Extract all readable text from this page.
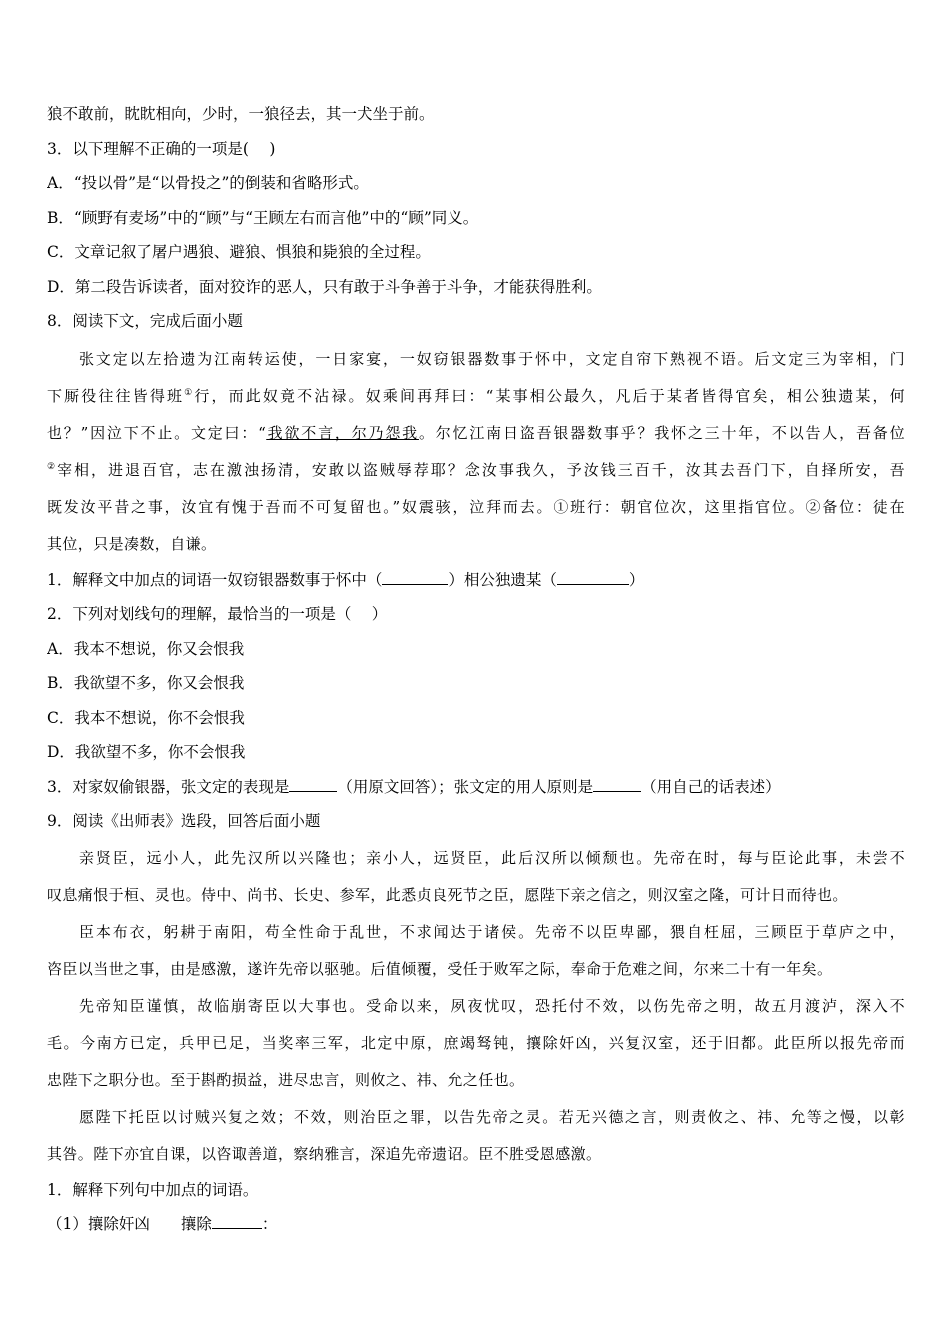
狼不敢前，眈眈相向，少时，一狼径去，其一犬坐于前。
3．以下理解不正确的一项是(　 )
A．“投以骨”是“以骨投之”的倒装和省略形式。
B．“顾野有麦场”中的“顾”与“王顾左右而言他”中的“顾”同义。
C．文章记叙了屠户遇狼、避狼、惧狼和毙狼的全过程。
D．第二段告诉读者，面对狡诈的恶人，只有敢于斗争善于斗争，才能获得胜利。
8．阅读下文，完成后面小题
张文定以左拾遗为江南转运使，一日家宴，一奴窃银器数事于怀中，文定自帘下熟视不语。后文定三为宰相，门
下厮役往往皆得班①行，而此奴竟不沾禄。奴乘间再拜曰：“某事相公最久，凡后于某者皆得官矣，相公独遗某，何
也？”因泣下不止。文定曰：“我欲不言，尔乃怨我。尔忆江南日盗吾银器数事乎？我怀之三十年，不以告人，吾备位
②宰相，进退百官，志在激浊扬清，安敢以盗贼辱荐耶？念汝事我久，予汝钱三百千，汝其去吾门下，自择所安，吾
既发汝平昔之事，汝宜有愧于吾而不可复留也。”奴震骇，泣拜而去。①班行：朝官位次，这里指官位。②备位：徒在
其位，只是凑数，自谦。
1．解释文中加点的词语一奴窃银器数事于怀中（	）相公独遗某（	）
2．下列对划线句的理解，最恰当的一项是（　 ）
A．我本不想说，你又会恨我
B．我欲望不多，你又会恨我
C．我本不想说，你不会恨我
D．我欲望不多，你不会恨我
3．对家奴偷银器，张文定的表现是	（用原文回答）；张文定的用人原则是	（用自己的话表述）
9．阅读《出师表》选段，回答后面小题
亲贤臣，远小人，此先汉所以兴隆也；亲小人，远贤臣，此后汉所以倾颓也。先帝在时，每与臣论此事，未尝不
叹息痛恨于桓、灵也。侍中、尚书、长史、参军，此悉贞良死节之臣，愿陛下亲之信之，则汉室之隆，可计日而待也。
臣本布衣，躬耕于南阳，苟全性命于乱世，不求闻达于诸侯。先帝不以臣卑鄙，猥自枉屈，三顾臣于草庐之中，
咨臣以当世之事，由是感激，遂许先帝以驱驰。后值倾覆，受任于败军之际，奉命于危难之间，尔来二十有一年矣。
先帝知臣谨慎，故临崩寄臣以大事也。受命以来，夙夜忧叹，恐托付不效，以伤先帝之明，故五月渡泸，深入不
毛。今南方已定，兵甲已足，当奖率三军，北定中原，庶竭驽钝，攘除奸凶，兴复汉室，还于旧都。此臣所以报先帝而
忠陛下之职分也。至于斟酌损益，进尽忠言，则攸之、祎、允之任也。
愿陛下托臣以讨贼兴复之效；不效，则治臣之罪，以告先帝之灵。若无兴德之言，则责攸之、祎、允等之慢，以彰
其咎。陛下亦宜自课，以咨诹善道，察纳雅言，深追先帝遗诏。臣不胜受恩感激。
1．解释下列句中加点的词语。
（1）攘除奸凶　　攘除	：
